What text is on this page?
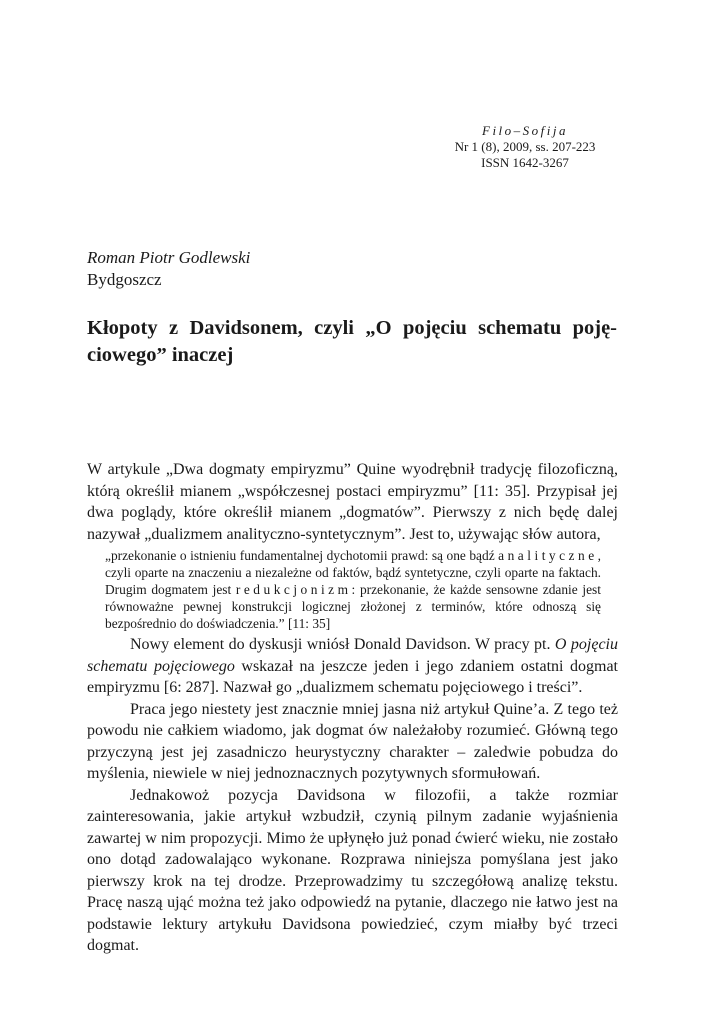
Filo–Sofija
Nr 1 (8), 2009, ss. 207-223
ISSN 1642-3267
Roman Piotr Godlewski
Bydgoszcz
Kłopoty z Davidsonem, czyli „O pojęciu schematu poję-ciowego” inaczej

W artykule „Dwa dogmaty empiryzmu” Quine wyodrębnił tradycję filozoficzną, którą określił mianem „współczesnej postaci empiryzmu” [11: 35]. Przypisał jej dwa poglądy, które określił mianem „dogmatów”. Pierwszy z nich będę dalej nazywał „dualizmem analityczno-syntetycznym”. Jest to, używając słów autora,

„przekonanie o istnieniu fundamentalnej dychotomii prawd: są one bądź analityczne, czyli oparte na znaczeniu a niezależne od faktów, bądź syntetyczne, czyli oparte na faktach. Drugim dogmatem jest redukcjonizm: przekonanie, że każde sensowne zdanie jest równoważne pewnej konstrukcji logicznej złożonej z terminów, które odnoszą się bezpośrednio do doświadczenia.” [11: 35]

Nowy element do dyskusji wniósł Donald Davidson. W pracy pt. O pojęciu schematu pojęciowego wskazał na jeszcze jeden i jego zdaniem ostatni dogmat empiryzmu [6: 287]. Nazwał go „dualizmem schematu pojęciowego i treści”.

Praca jego niestety jest znacznie mniej jasna niż artykuł Quine’a. Z tego też powodu nie całkiem wiadomo, jak dogmat ów należałoby rozumieć. Główną tego przyczyną jest jej zasadniczo heurystyczny charakter – zaledwie pobudza do myślenia, niewiele w niej jednoznacznych pozytywnych sformułowań.

Jednakowoż pozycja Davidsona w filozofii, a także rozmiar zainteresowania, jakie artykuł wzbudził, czynią pilnym zadanie wyjaśnienia zawartej w nim propozycji. Mimo że upłynęło już ponad ćwierć wieku, nie zostało ono dotąd zadowalająco wykonane. Rozprawa niniejsza pomyślana jest jako pierwszy krok na tej drodze. Przeprowadzimy tu szczegółową analizę tekstu. Pracę naszą ująć można też jako odpowiedź na pytanie, dlaczego nie łatwo jest na podstawie lektury artykułu Davidsona powiedzieć, czym miałby być trzeci dogmat.
